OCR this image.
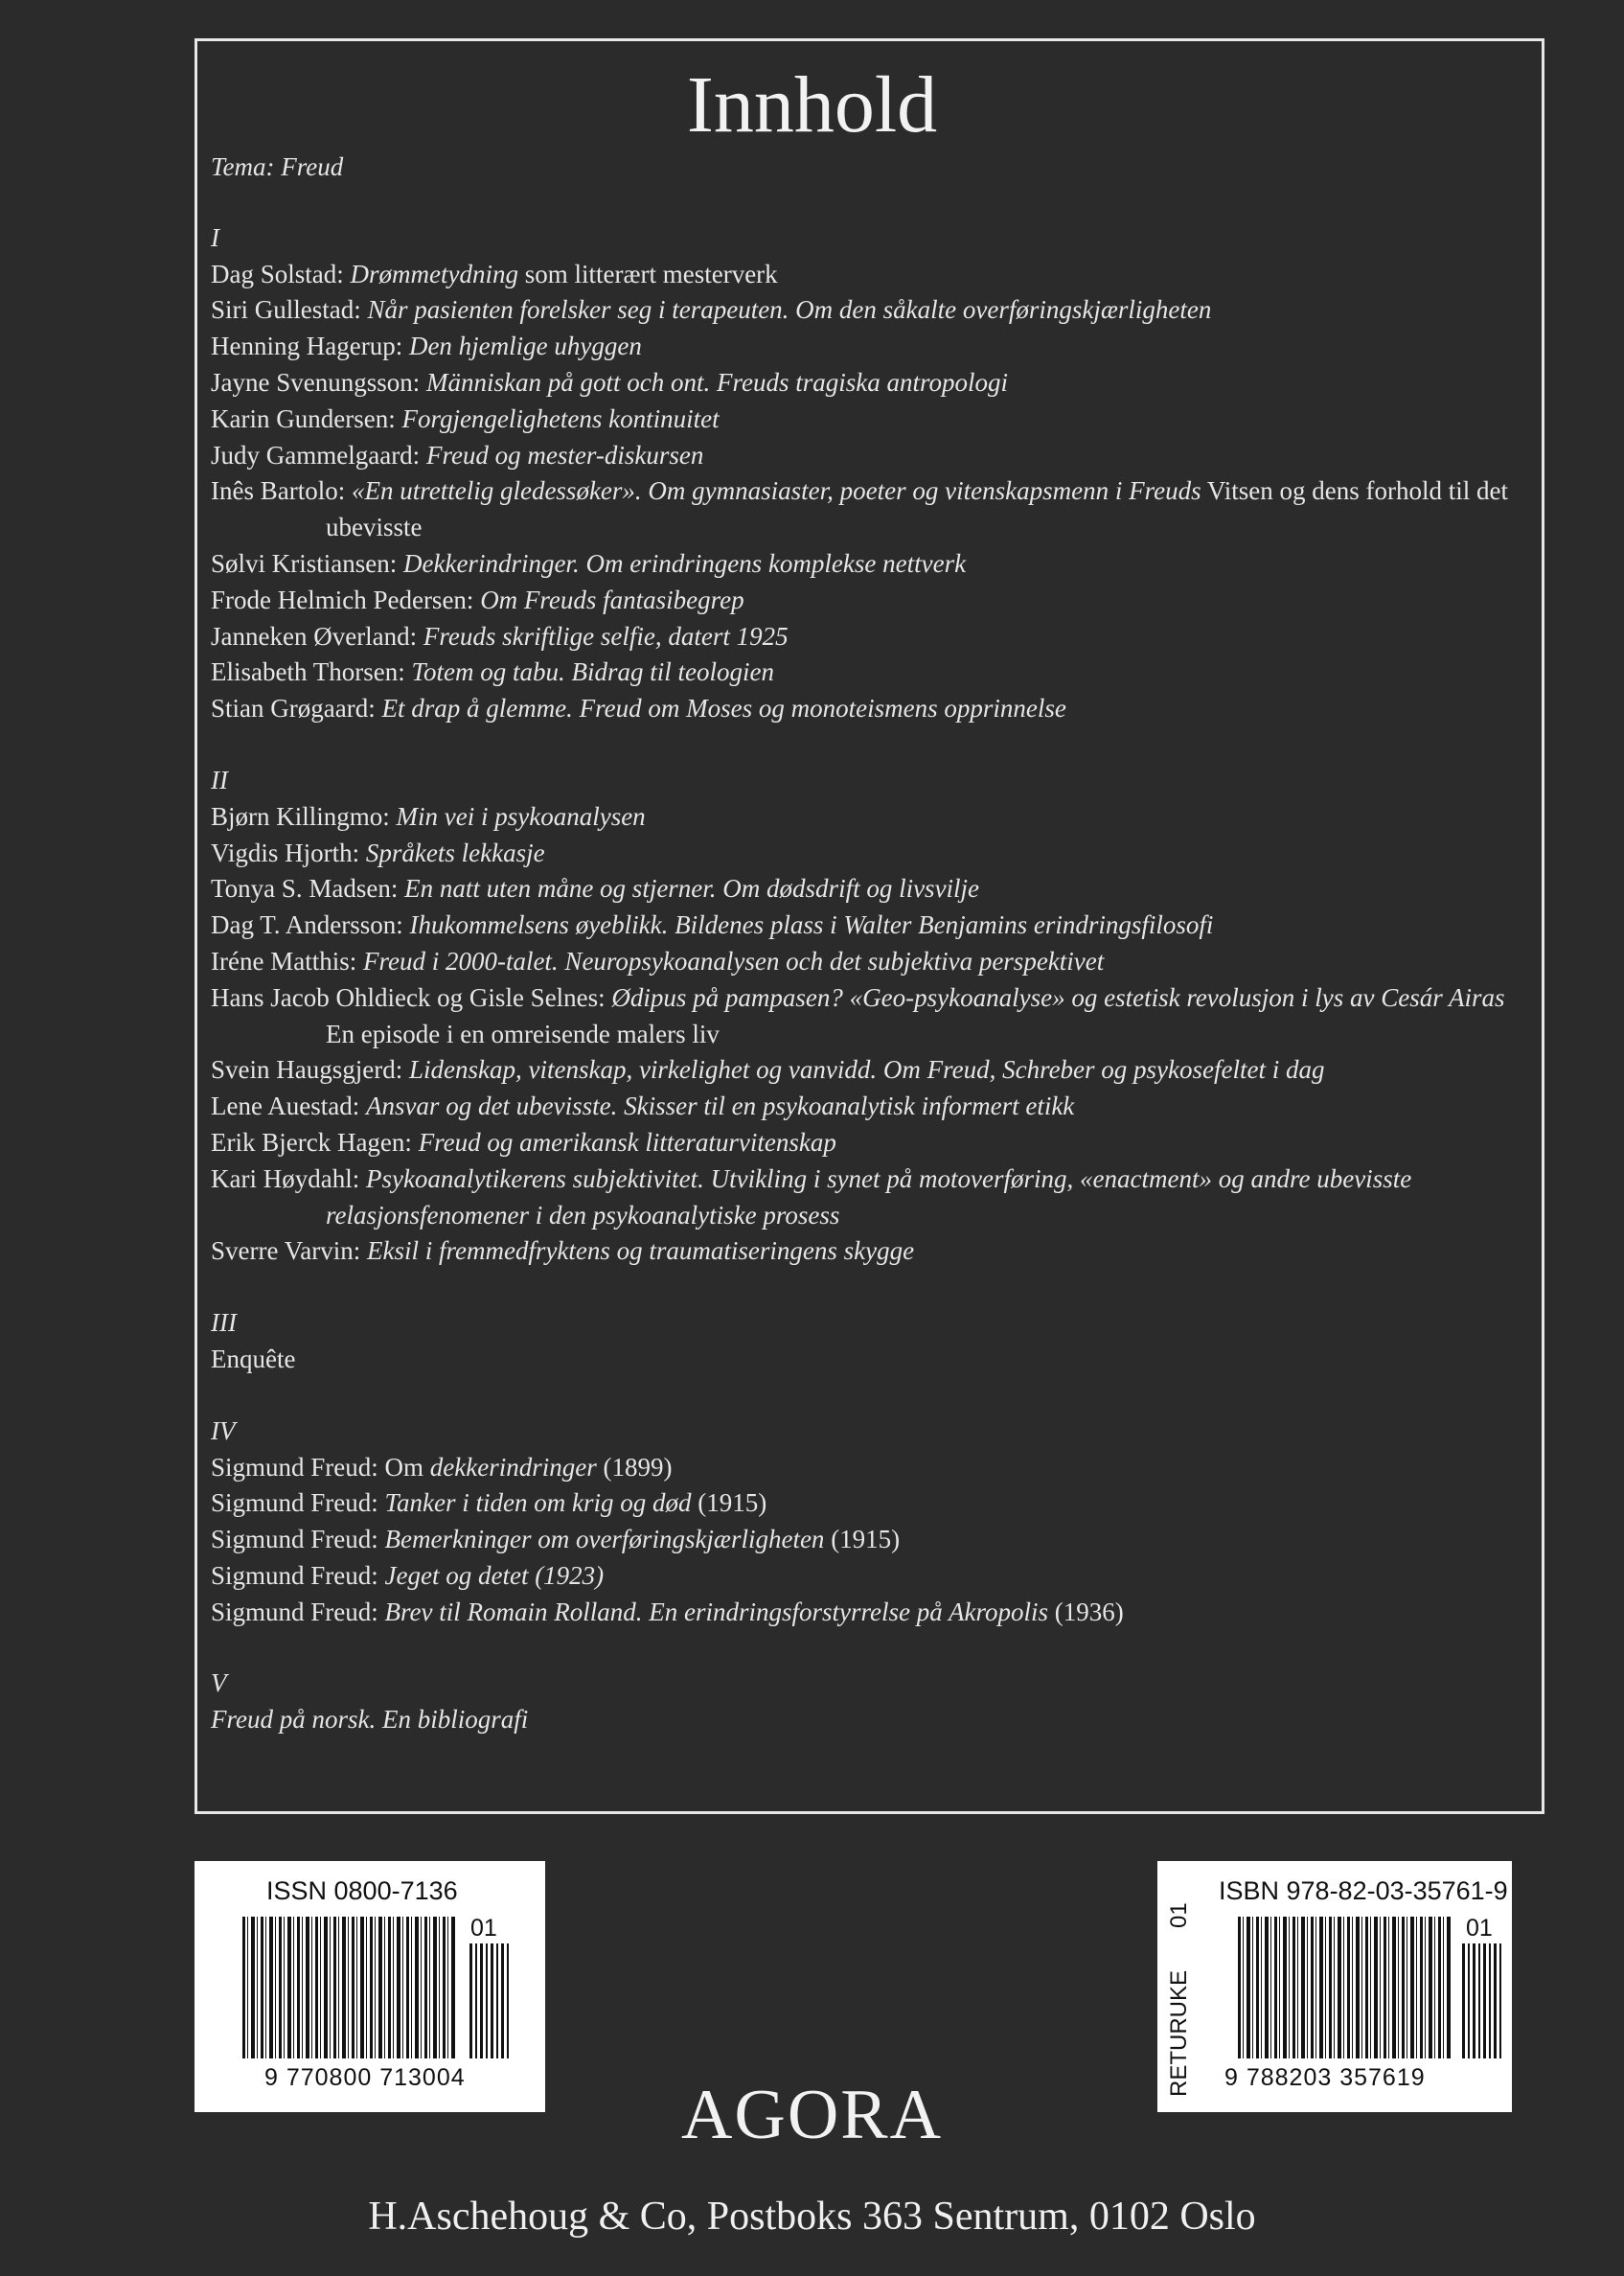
Innhold
Tema: Freud
I
Dag Solstad: Drømmetydning som litterært mesterverk
Siri Gullestad: Når pasienten forelsker seg i terapeuten. Om den såkalte overføringskjærligheten
Henning Hagerup: Den hjemlige uhyggen
Jayne Svenungsson: Människan på gott och ont. Freuds tragiska antropologi
Karin Gundersen: Forgjengelighetens kontinuitet
Judy Gammelgaard: Freud og mester-diskursen
Inês Bartolo: «En utrettelig gledessøker». Om gymnasiaster, poeter og vitenskapsmenn i Freuds Vitsen og dens forhold til det ubevisste
Sølvi Kristiansen: Dekkerindringer. Om erindringens komplekse nettverk
Frode Helmich Pedersen: Om Freuds fantasibegrep
Janneken Øverland: Freuds skriftlige selfie, datert 1925
Elisabeth Thorsen: Totem og tabu. Bidrag til teologien
Stian Grøgaard: Et drap å glemme. Freud om Moses og monoteismens opprinnelse
II
Bjørn Killingmo: Min vei i psykoanalysen
Vigdis Hjorth: Språkets lekkasje
Tonya S. Madsen: En natt uten måne og stjerner. Om dødsdrift og livsvilje
Dag T. Andersson: Ihukommelsens øyeblikk. Bildenes plass i Walter Benjamins erindringsfilosofi
Iréne Matthis: Freud i 2000-talet. Neuropsykoanalysen och det subjektiva perspektivet
Hans Jacob Ohldieck og Gisle Selnes: Ødipus på pampasen? «Geo-psykoanalyse» og estetisk revolusjon i lys av Cesár Airas En episode i en omreisende malers liv
Svein Haugsgjerd: Lidenskap, vitenskap, virkelighet og vanvidd. Om Freud, Schreber og psykosefeltet i dag
Lene Auestad: Ansvar og det ubevisste. Skisser til en psykoanalytisk informert etikk
Erik Bjerck Hagen: Freud og amerikansk litteraturvitenskap
Kari Høydahl: Psykoanalytikerens subjektivitet. Utvikling i synet på motoverføring, «enactment» og andre ubevisste relasjonsfenomener i den psykoanalytiske prosess
Sverre Varvin: Eksil i fremmedfryktens og traumatiseringens skygge
III
Enquête
IV
Sigmund Freud: Om dekkerindringer (1899)
Sigmund Freud: Tanker i tiden om krig og død (1915)
Sigmund Freud: Bemerkninger om overføringskjærligheten (1915)
Sigmund Freud: Jeget og detet (1923)
Sigmund Freud: Brev til Romain Rolland. En erindringsforstyrrelse på Akropolis (1936)
V
Freud på norsk. En bibliografi
ISSN 0800-7136
01
9 770800 713004
ISBN 978-82-03-35761-9
01
RETURUKE
01
9 788203 357619
AGORA
H.Aschehoug & Co, Postboks 363 Sentrum, 0102 Oslo
